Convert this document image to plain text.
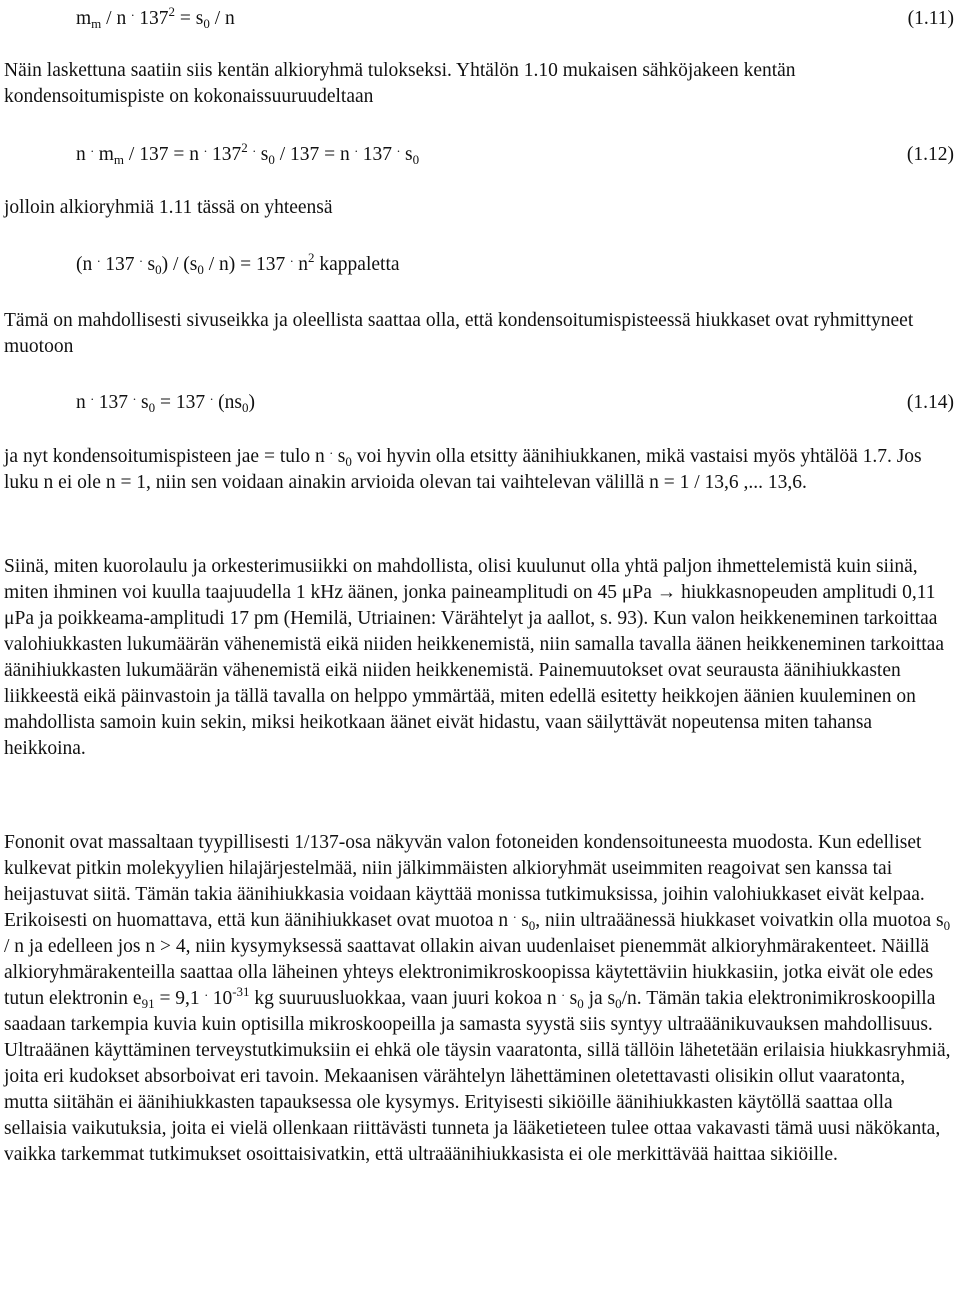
$m_m$ / n . $137^2 = s_0 / n$	(1.11)

Näin laskettuna saatiin siis kentän alkioryhmä tulokseksi. Yhtälön 1.10 mukaisen sähköjakeen kentän kondensoitumispiste on kokonaissuuruudeltaan

n . $m_m / 137 = n$ . $137^2$ . $s_0 / 137 = n$ . 137 . $s_0$	(1.12)

jolloin alkioryhmiä 1.11 tässä on yhteensä

(n . 137 . $s_0) / (s_0 / n) = 137$ . $n^2$ kappaletta

Tämä on mahdollisesti sivuseikka ja oleellista saattaa olla, että kondensoitumispisteessä hiukkaset ovat ryhmittyneet muotoon

n . 137 . $s_0 = 137$ . $(ns_0)$	(1.14)

ja nyt kondensoitumispisteen jae = tulo n . $s_0$ voi hyvin olla etsitty äänihiukkanen, mikä vastaisi myös yhtälöä 1.7. Jos luku n ei ole n = 1, niin sen voidaan ainakin arvioida olevan tai vaihtelevan välillä n = 1 / 13,6 ,... 13,6.

Siinä, miten kuorolaulu ja orkesterimusiikki on mahdollista, olisi kuulunut olla yhtä paljon ihmettelemistä kuin siinä, miten ihminen voi kuulla taajuudella 1 kHz äänen, jonka paineamplitudi on 45 μPa → hiukkasnopeuden amplitudi 0,11 μPa ja poikkeama-amplitudi 17 pm (Hemilä, Utriainen: Värähtelyt ja aallot, s. 93). Kun valon heikkeneminen tarkoittaa valohiukkasten lukumäärän vähenemistä eikä niiden heikkenemistä, niin samalla tavalla äänen heikkeneminen tarkoittaa äänihiukkasten lukumäärän vähenemistä eikä niiden heikkenemistä. Painemuutokset ovat seurausta äänihiukkasten liikkeestä eikä päinvastoin ja tällä tavalla on helppo ymmärtää, miten edellä esitetty heikkojen äänien kuuleminen on mahdollista samoin kuin sekin, miksi heikotkaan äänet eivät hidastu, vaan säilyttävät nopeutensa miten tahansa heikkoina.

Fononit ovat massaltaan tyypillisesti 1/137-osa näkyvän valon fotoneiden kondensoituneesta muodosta. Kun edelliset kulkevat pitkin molekyylien hilajärjestelmää, niin jälkimmäisten alkioryhmät useimmiten reagoivat sen kanssa tai heijastuvat siitä. Tämän takia äänihiukkasia voidaan käyttää monissa tutkimuksissa, joihin valohiukkaset eivät kelpaa. Erikoisesti on huomattava, että kun äänihiukkaset ovat muotoa n . $s_0$, niin ultraäänessä hiukkaset voivatkin olla muotoa $s_0$ / n ja edelleen jos n > 4, niin kysymyksessä saattavat ollakin aivan uudenlaiset pienemmät alkioryhmärakenteet. Näillä alkioryhmärakenteilla saattaa olla läheinen yhteys elektronimikroskoopissa käytettäviin hiukkasiin, jotka eivät ole edes tutun elektronin $e_{91} = 9,1$ . $10^{-31}$ kg suuruusluokkaa, vaan juuri kokoa n . $s_0$ ja $s_0/n$. Tämän takia elektronimikroskoopilla saadaan tarkempia kuvia kuin optisilla mikroskoopeilla ja samasta syystä siis syntyy ultraäänikuvauksen mahdollisuus. Ultraäänen käyttäminen terveystutkimuksiin ei ehkä ole täysin vaaratonta, sillä tällöin lähetetään erilaisia hiukkasryhmiä, joita eri kudokset absorboivat eri tavoin. Mekaanisen värähtelyn lähettäminen oletettavasti olisikin ollut vaaratonta, mutta siitähän ei äänihiukkasten tapauksessa ole kysymys. Erityisesti sikiöille äänihiukkasten käytöllä saattaa olla sellaisia vaikutuksia, joita ei vielä ollenkaan riittävästi tunneta ja lääketieteen tulee ottaa vakavasti tämä uusi näkökanta, vaikka tarkemmat tutkimukset osoittaisivatkin, että ultraäänihiukkasista ei ole merkittävää haittaa sikiöille.
